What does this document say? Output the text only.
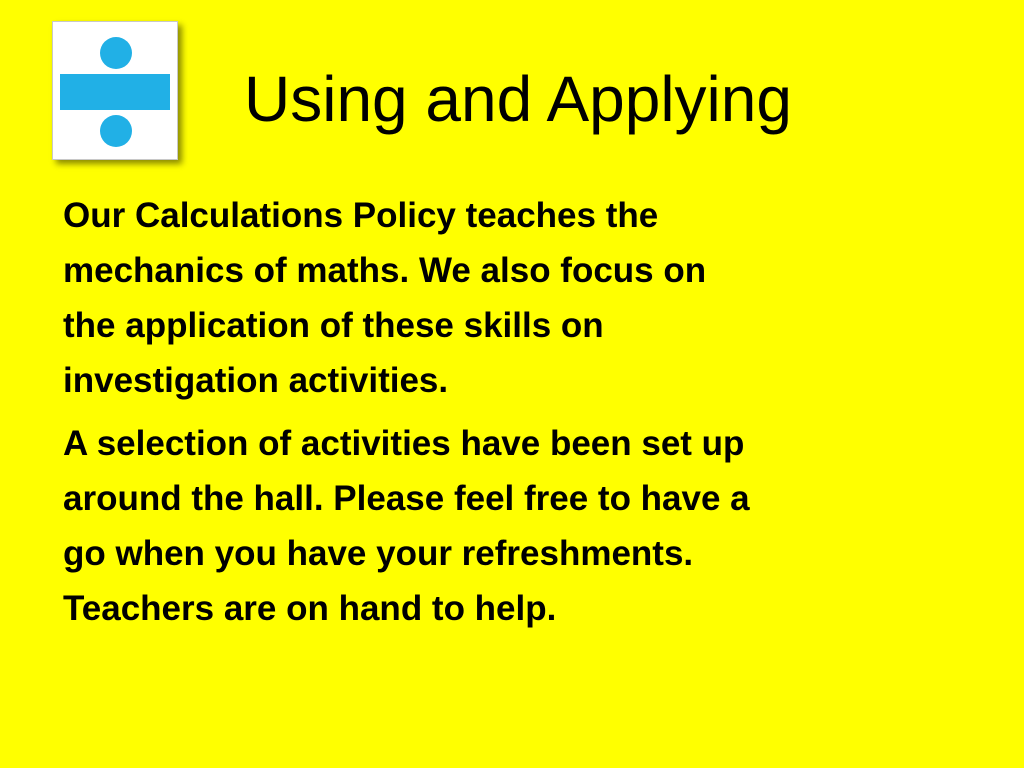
Using and Applying
Our Calculations Policy teaches the
mechanics of maths. We also focus on
the application of these skills on
investigation activities.
A selection of activities have been set up
around the hall. Please feel free to have a
go when you have your refreshments.
Teachers are on hand to help.
